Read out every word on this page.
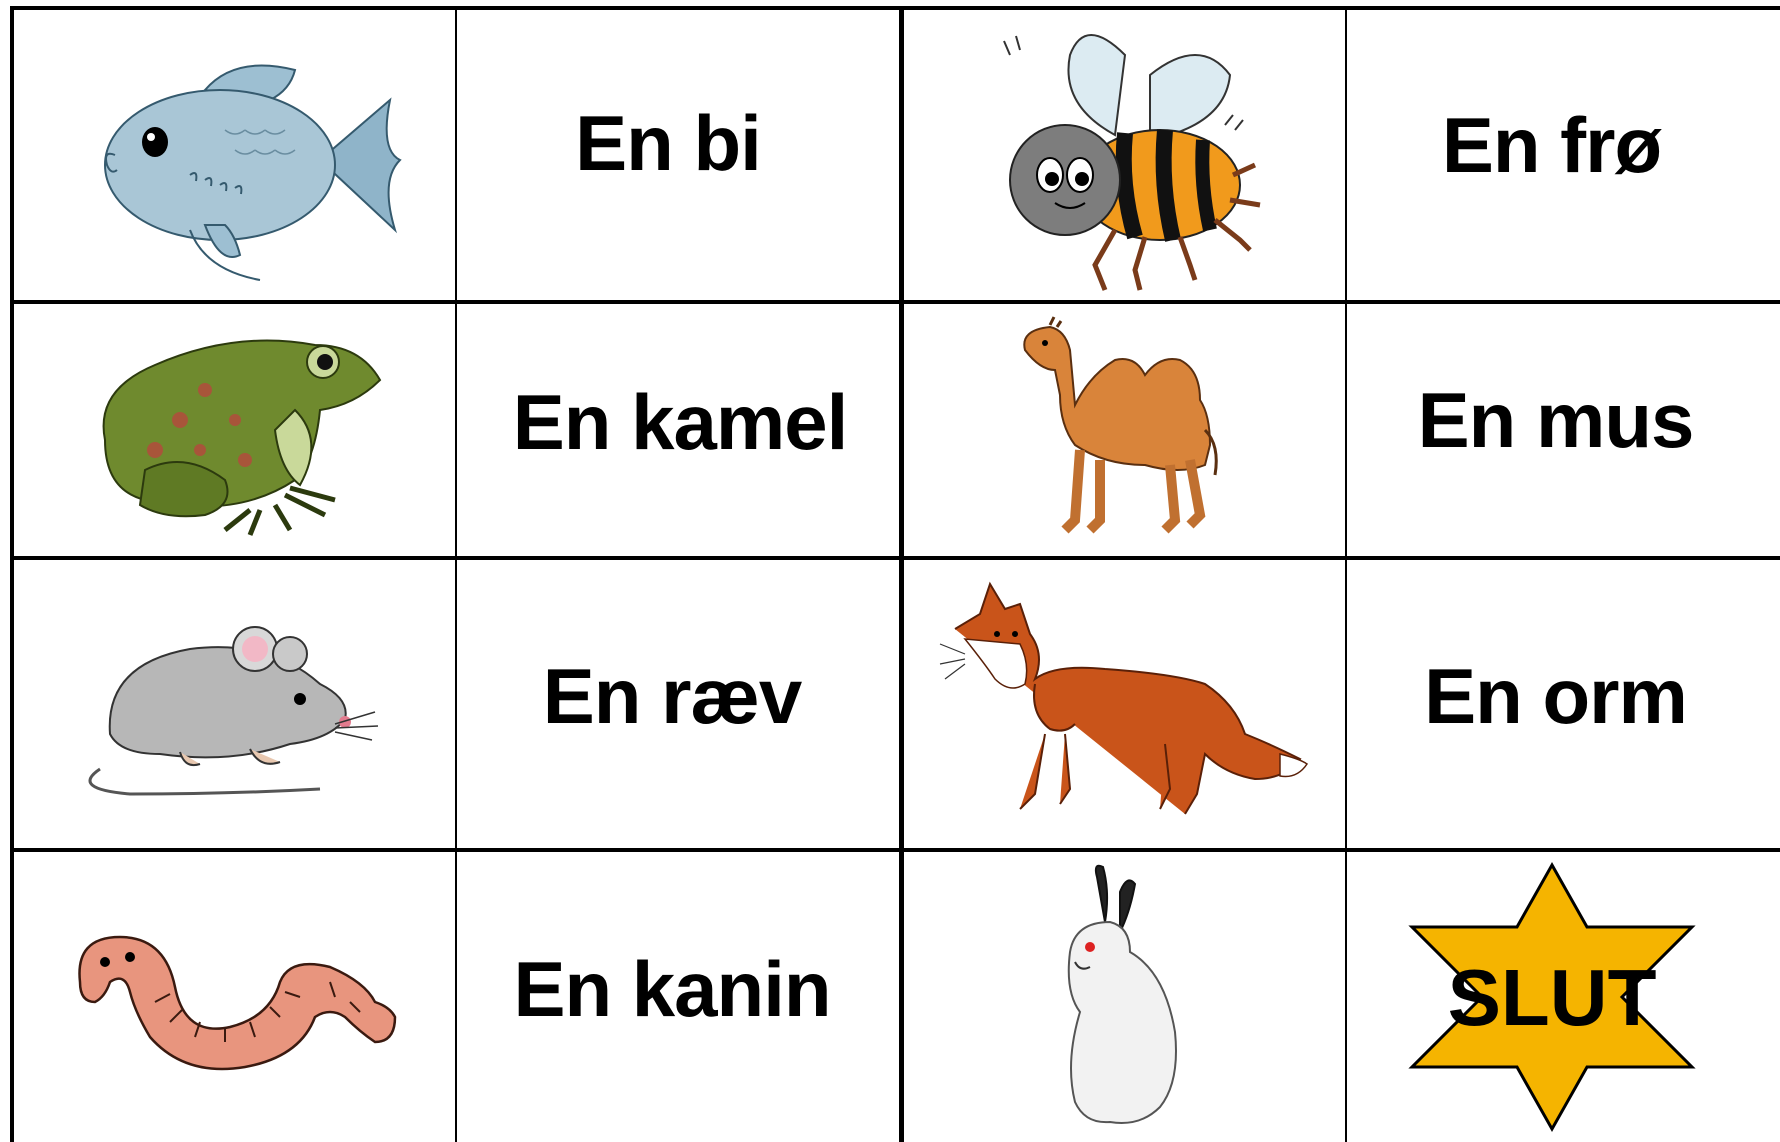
En bi	En frø
En kamel	En mus
En ræv	En orm
En kanin	SLUT
